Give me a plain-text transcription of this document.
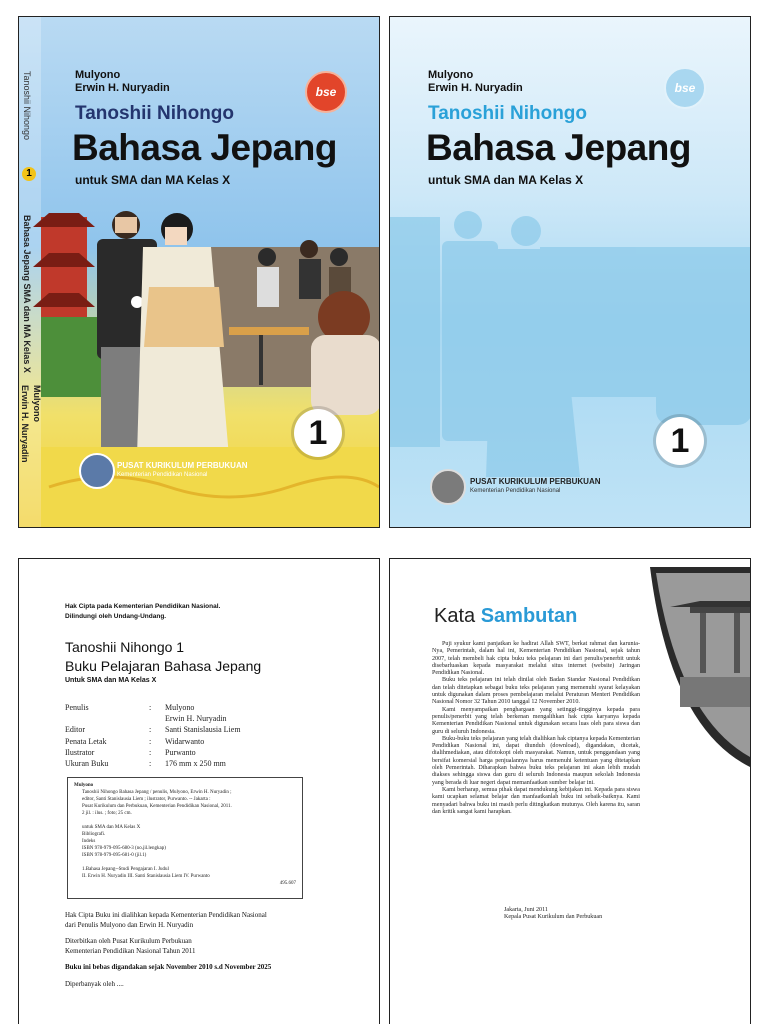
Tanoshii Nihongo
1
Bahasa Jepang SMA dan MA Kelas X
Mulyono
Erwin H. Nuryadin
Mulyono
Erwin H. Nuryadin	bse
Tanoshii Nihongo
Bahasa Jepang
untuk SMA dan MA Kelas X
1
PUSAT KURIKULUM PERBUKUAN
Kementerian Pendidikan Nasional
Mulyono
Erwin H. Nuryadin	bse
Tanoshii Nihongo
Bahasa Jepang
untuk SMA dan MA Kelas X
1
PUSAT KURIKULUM PERBUKUAN
Kementerian Pendidikan Nasional
Hak Cipta pada Kementerian Pendidikan Nasional.
Dilindungi oleh Undang-Undang.
Tanoshii Nihongo 1
Buku Pelajaran Bahasa Jepang
Untuk SMA dan MA Kelas X
Penulis	:	Mulyono
Erwin H. Nuryadin
Editor	:	Santi Stanislausia Liem
Penata Letak	:	Widarwanto
Ilustrator	:	Purwanto
Ukuran Buku	:	176 mm x 250 mm
Mulyono
Tanoshii Nihongo Bahasa Jepang / penulis, Mulyono, Erwin H. Nuryadin ;
editor, Santi Stanislausia Liem ; ilustrator, Purwanto. -- Jakarta :
Pusat Kurikulum dan Perbukuan, Kementerian Pendidikan Nasional, 2011.
2 jil. : ilus. ; foto; 25 cm.
untuk SMA dan MA Kelas X
Bibliografi.
Indeks
ISBN 978-979-095-680-3 (no.jil.lengkap)
ISBN 978-979-095-681-0 (jil.1)
1.Bahasa Jepang--Studi Pengajaran I. Judul
II. Erwin H. Nuryadin III. Santi Stanislausia Liem IV. Purwanto
495.607
Hak Cipta Buku ini dialihkan kepada Kementerian Pendidikan Nasional
dari Penulis Mulyono dan Erwin H. Nuryadin
Diterbitkan oleh Pusat Kurikulum Perbukuan
Kementerian Pendidikan Nasional Tahun 2011
Buku ini bebas digandakan sejak November 2010 s.d November 2025
Diperbanyak oleh ....
Kata Sambutan

Puji syukur kami panjatkan ke hadirat Allah SWT, berkat rahmat dan karunia-Nya, Pemerintah, dalam hal ini, Kementerian Pendidikan Nasional, sejak tahun 2007, telah membeli hak cipta buku teks pelajaran ini dari penulis/penerbit untuk disebarluaskan kepada masyarakat melalui situs internet (website) Jaringan Pendidikan Nasional.

Buku teks pelajaran ini telah dinilai oleh Badan Standar Nasional Pendidikan dan telah ditetapkan sebagai buku teks pelajaran yang memenuhi syarat kelayakan untuk digunakan dalam proses pembelajaran melalui Peraturan Menteri Pendidikan Nasional Nomor 32 Tahun 2010 tanggal 12 November 2010.

Kami menyampaikan penghargaan yang setinggi-tingginya kepada para penulis/penerbit yang telah berkenan mengalihkan hak cipta karyanya kepada Kementerian Pendidikan Nasional untuk digunakan secara luas oleh para siswa dan guru di seluruh Indonesia.

Buku-buku teks pelajaran yang telah dialihkan hak ciptanya kepada Kementerian Pendidikan Nasional ini, dapat diunduh (download), digandakan, dicetak, dialihmediakan, atau difotokopi oleh masyarakat. Namun, untuk penggandaan yang bersifat komersial harga penjualannya harus memenuhi ketentuan yang ditetapkan oleh Pemerintah. Diharapkan bahwa buku teks pelajaran ini akan lebih mudah diakses sehingga siswa dan guru di seluruh Indonesia maupun sekolah Indonesia yang berada di luar negeri dapat memanfaatkan sumber belajar ini.

Kami berharap, semua pihak dapat mendukung kebijakan ini. Kepada para siswa kami ucapkan selamat belajar dan manfaatkanlah buku ini sebaik-baiknya. Kami menyadari bahwa buku ini masih perlu ditingkatkan mutunya. Oleh karena itu, saran dan kritik sangat kami harapkan.

Jakarta, Juni 2011
Kepala Pusat Kurikulum dan Perbukuan
